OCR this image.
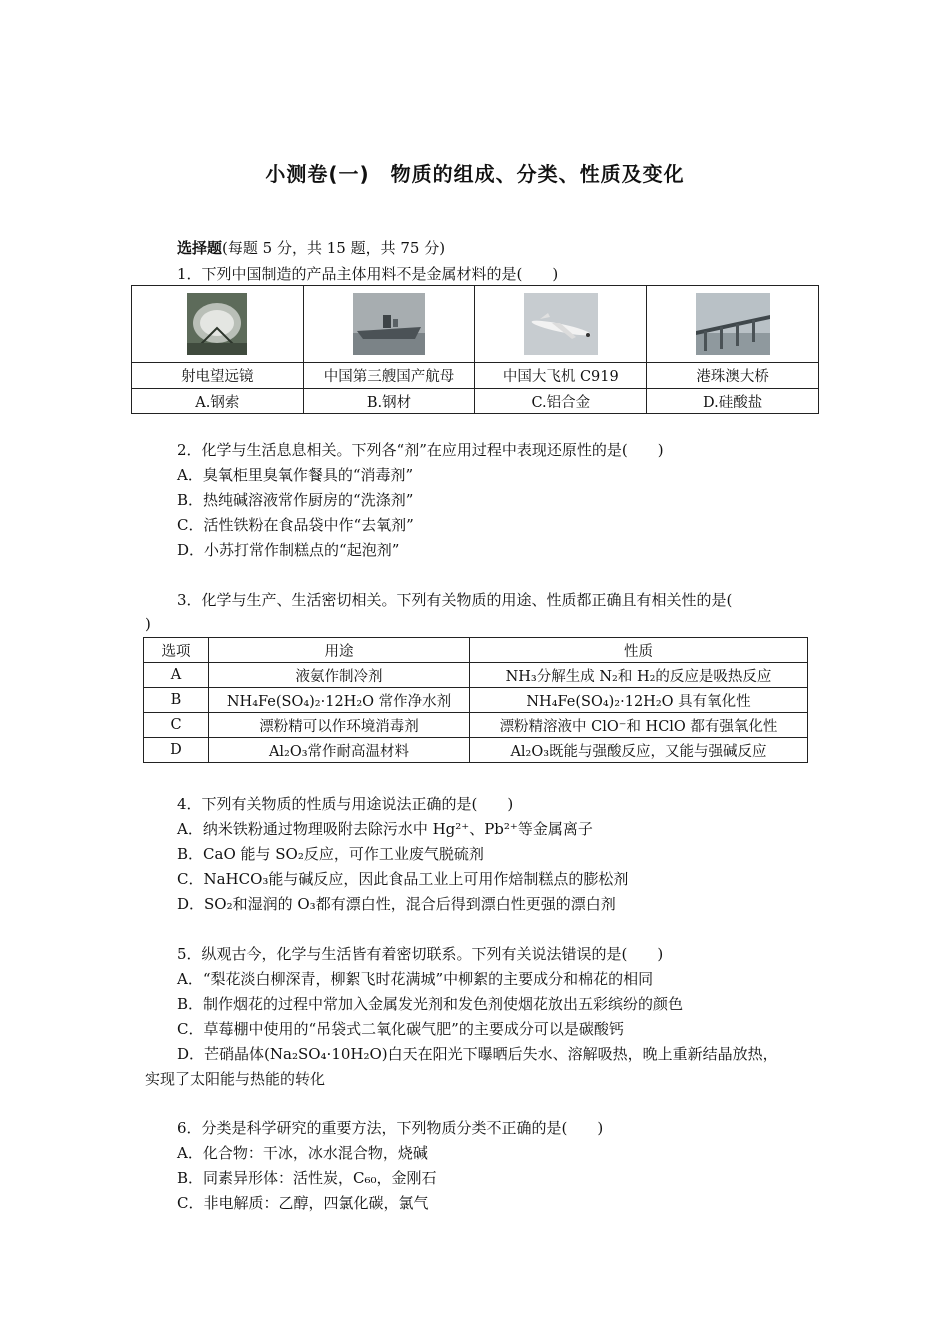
小测卷(一)　物质的组成、分类、性质及变化
选择题(每题 5 分，共 15 题，共 75 分)
1．下列中国制造的产品主体用料不是金属材料的是(　　)

射电望远镜	中国第三艘国产航母	中国大飞机 C919	港珠澳大桥
A.钢索	B.钢材	C.铝合金	D.硅酸盐
2．化学与生活息息相关。下列各“剂”在应用过程中表现还原性的是(　　)
A．臭氧柜里臭氧作餐具的“消毒剂”
B．热纯碱溶液常作厨房的“洗涤剂”
C．活性铁粉在食品袋中作“去氧剂”
D．小苏打常作制糕点的“起泡剂”
3．化学与生产、生活密切相关。下列有关物质的用途、性质都正确且有相关性的是(
)
选项	用途	性质
A	液氨作制冷剂	NH₃分解生成 N₂和 H₂的反应是吸热反应
B	NH₄Fe(SO₄)₂·12H₂O 常作净水剂	NH₄Fe(SO₄)₂·12H₂O 具有氧化性
C	漂粉精可以作环境消毒剂	漂粉精溶液中 ClO⁻和 HClO 都有强氧化性
D	Al₂O₃常作耐高温材料	Al₂O₃既能与强酸反应，又能与强碱反应
4．下列有关物质的性质与用途说法正确的是(　　)
A．纳米铁粉通过物理吸附去除污水中 Hg²⁺、Pb²⁺等金属离子
B．CaO 能与 SO₂反应，可作工业废气脱硫剂
C．NaHCO₃能与碱反应，因此食品工业上可用作焙制糕点的膨松剂
D．SO₂和湿润的 O₃都有漂白性，混合后得到漂白性更强的漂白剂
5．纵观古今，化学与生活皆有着密切联系。下列有关说法错误的是(　　)
A．“梨花淡白柳深青，柳絮飞时花满城”中柳絮的主要成分和棉花的相同
B．制作烟花的过程中常加入金属发光剂和发色剂使烟花放出五彩缤纷的颜色
C．草莓棚中使用的“吊袋式二氧化碳气肥”的主要成分可以是碳酸钙
D．芒硝晶体(Na₂SO₄·10H₂O)白天在阳光下曝晒后失水、溶解吸热，晚上重新结晶放热，
实现了太阳能与热能的转化
6．分类是科学研究的重要方法，下列物质分类不正确的是(　　)
A．化合物：干冰，冰水混合物，烧碱
B．同素异形体：活性炭，C₆₀，金刚石
C．非电解质：乙醇，四氯化碳，氯气
